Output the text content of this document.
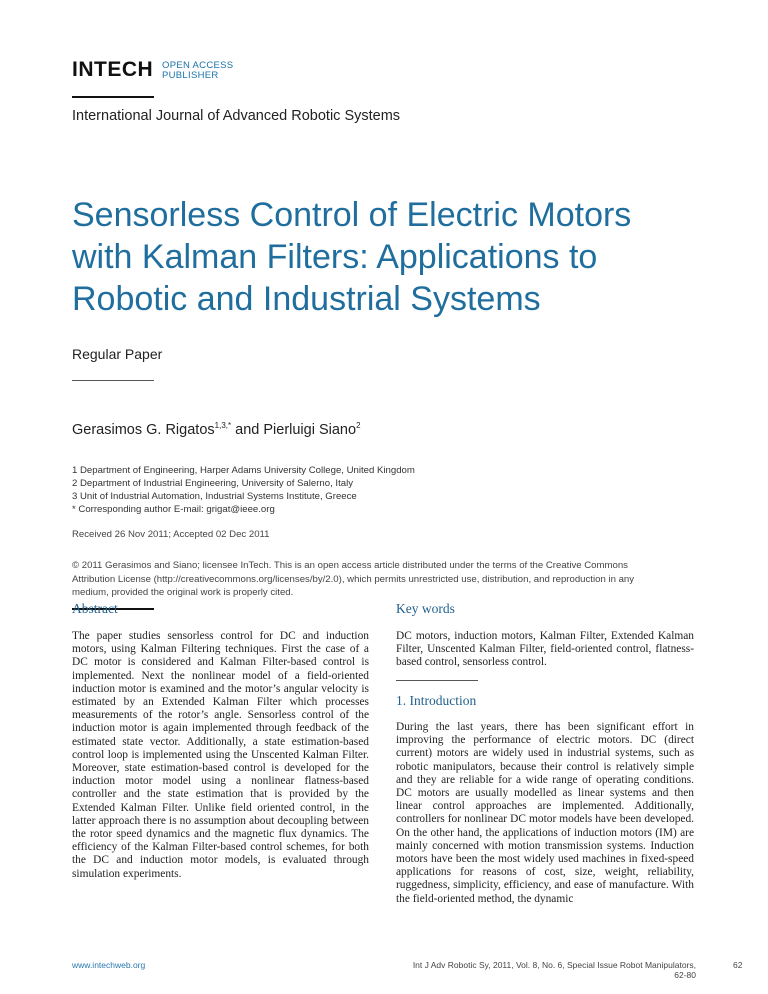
INTECH OPEN ACCESS
PUBLISHER
International Journal of Advanced Robotic Systems
Sensorless Control of Electric Motors with Kalman Filters: Applications to Robotic and Industrial Systems
Regular Paper
Gerasimos G. Rigatos$^{1,3,*}$ and Pierluigi Siano$^2$
1 Department of Engineering, Harper Adams University College, United Kingdom
2 Department of Industrial Engineering, University of Salerno, Italy
3 Unit of Industrial Automation, Industrial Systems Institute, Greece
* Corresponding author E-mail: grigat@ieee.org
Received 26 Nov 2011; Accepted 02 Dec 2011
© 2011 Gerasimos and Siano; licensee InTech. This is an open access article distributed under the terms of the Creative Commons Attribution License (http://creativecommons.org/licenses/by/2.0), which permits unrestricted use, distribution, and reproduction in any medium, provided the original work is properly cited.
Abstract
The paper studies sensorless control for DC and induction motors, using Kalman Filtering techniques. First the case of a DC motor is considered and Kalman Filter-based control is implemented. Next the nonlinear model of a field-oriented induction motor is examined and the motor’s angular velocity is estimated by an Extended Kalman Filter which processes measurements of the rotor’s angle. Sensorless control of the induction motor is again implemented through feedback of the estimated state vector. Additionally, a state estimation-based control loop is implemented using the Unscented Kalman Filter. Moreover, state estimation-based control is developed for the induction motor model using a nonlinear flatness-based controller and the state estimation that is provided by the Extended Kalman Filter. Unlike field oriented control, in the latter approach there is no assumption about decoupling between the rotor speed dynamics and the magnetic flux dynamics. The efficiency of the Kalman Filter-based control schemes, for both the DC and induction motor models, is evaluated through simulation experiments.
Key words
DC motors, induction motors, Kalman Filter, Extended Kalman Filter, Unscented Kalman Filter, field-oriented control, flatness-based control, sensorless control.
1. Introduction
During the last years, there has been significant effort in improving the performance of electric motors. DC (direct current) motors are widely used in industrial systems, such as robotic manipulators, because their control is relatively simple and they are reliable for a wide range of operating conditions. DC motors are usually modelled as linear systems and then linear control approaches are implemented. Additionally, controllers for nonlinear DC motor models have been developed. On the other hand, the applications of induction motors (IM) are mainly concerned with motion transmission systems. Induction motors have been the most widely used machines in fixed-speed applications for reasons of cost, size, weight, reliability, ruggedness, simplicity, efficiency, and ease of manufacture. With the field-oriented method, the dynamic
www.intechweb.org	Int J Adv Robotic Sy, 2011, Vol. 8, No. 6, Special Issue Robot Manipulators, 62-80
62
